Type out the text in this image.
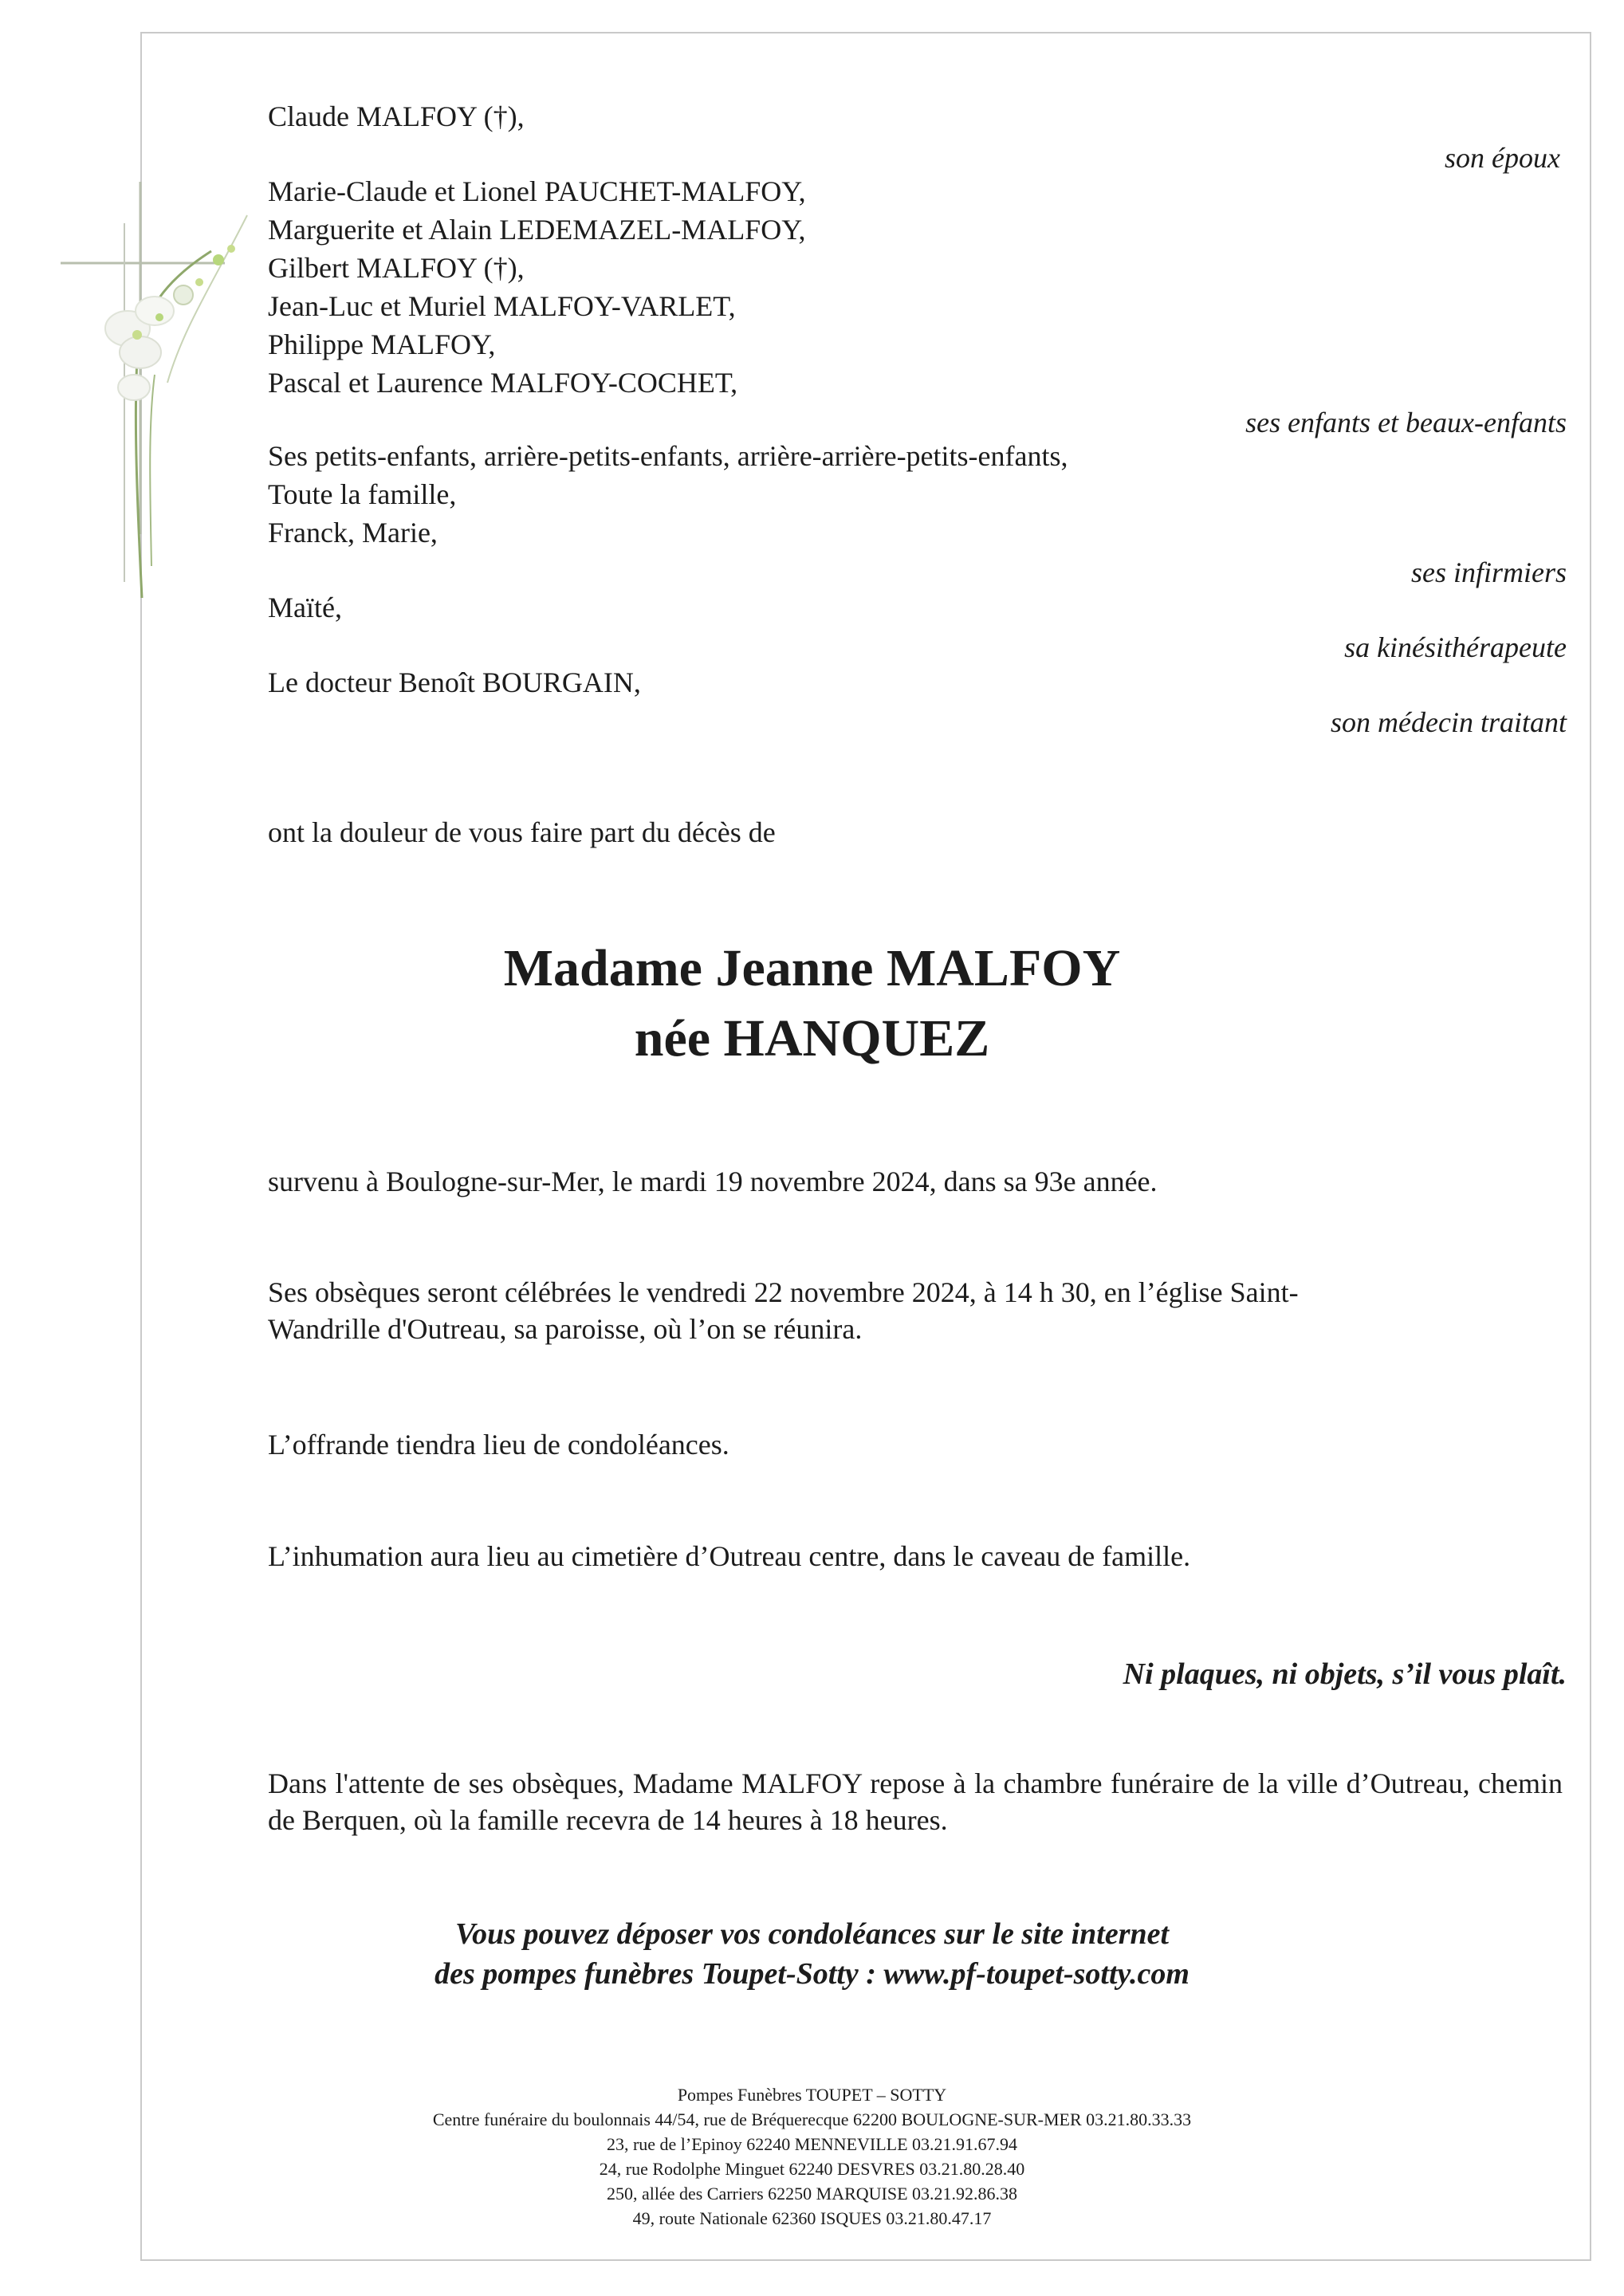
Claude MALFOY (†),
son époux
Marie-Claude et Lionel PAUCHET-MALFOY,
Marguerite et Alain LEDEMAZEL-MALFOY,
Gilbert MALFOY (†),
Jean-Luc et Muriel MALFOY-VARLET,
Philippe MALFOY,
Pascal et Laurence MALFOY-COCHET,
ses enfants et beaux-enfants
Ses petits-enfants, arrière-petits-enfants, arrière-arrière-petits-enfants,
Toute la famille,
Franck, Marie,
ses infirmiers
Maïté,
sa kinésithérapeute
Le docteur Benoît BOURGAIN,
son médecin traitant
ont la douleur de vous faire part du décès de
Madame Jeanne MALFOY
née HANQUEZ
survenu à Boulogne-sur-Mer, le mardi 19 novembre 2024, dans sa 93e année.
Ses obsèques seront célébrées le vendredi 22 novembre 2024, à 14 h 30, en l’église Saint-Wandrille d'Outreau, sa paroisse, où l’on se réunira.
L’offrande tiendra lieu de condoléances.
L’inhumation aura lieu au cimetière d’Outreau centre, dans le caveau de famille.
Ni plaques, ni objets, s’il vous plaît.
Dans l'attente de ses obsèques, Madame MALFOY repose à la chambre funéraire de la ville d’Outreau, chemin de Berquen, où la famille recevra de 14 heures à 18 heures.
Vous pouvez déposer vos condoléances sur le site internet
des pompes funèbres Toupet-Sotty : www.pf-toupet-sotty.com
Pompes Funèbres TOUPET – SOTTY
Centre funéraire du boulonnais 44/54, rue de Bréquerecque 62200 BOULOGNE-SUR-MER 03.21.80.33.33
23, rue de l’Epinoy 62240 MENNEVILLE 03.21.91.67.94
24, rue Rodolphe Minguet 62240 DESVRES 03.21.80.28.40
250, allée des Carriers 62250 MARQUISE 03.21.92.86.38
49, route Nationale 62360 ISQUES 03.21.80.47.17
